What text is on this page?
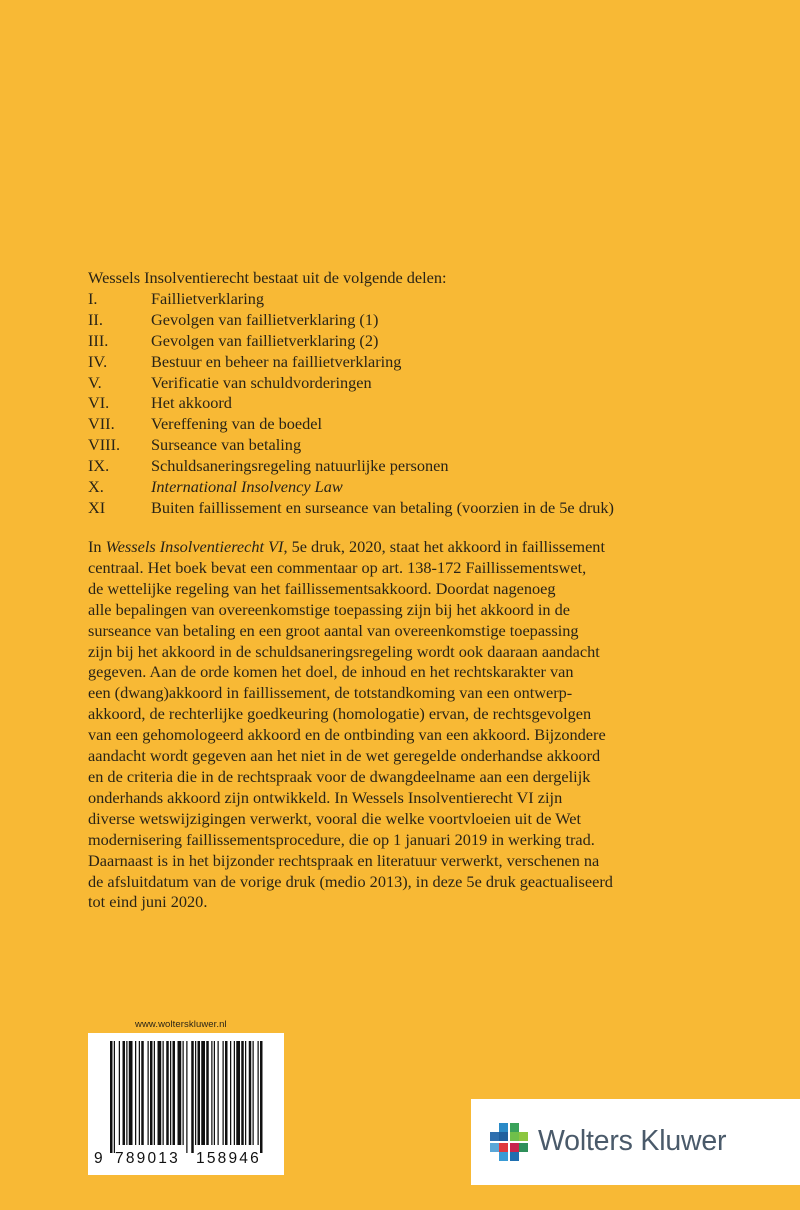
Wessels Insolventierecht bestaat uit de volgende delen:
I.	Faillietverklaring
II.	Gevolgen van faillietverklaring (1)
III.	Gevolgen van faillietverklaring (2)
IV.	Bestuur en beheer na faillietverklaring
V.	Verificatie van schuldvorderingen
VI.	Het akkoord
VII.	Vereffening van de boedel
VIII.	Surseance van betaling
IX.	Schuldsaneringsregeling natuurlijke personen
X.	International Insolvency Law
XI	Buiten faillissement en surseance van betaling (voorzien in de 5e druk)
In Wessels Insolventierecht VI, 5e druk, 2020, staat het akkoord in faillissement
centraal. Het boek bevat een commentaar op art. 138-172 Faillissementswet,
de wettelijke regeling van het faillissementsakkoord. Doordat nagenoeg
alle bepalingen van overeenkomstige toepassing zijn bij het akkoord in de
surseance van betaling en een groot aantal van overeenkomstige toepassing
zijn bij het akkoord in de schuldsaneringsregeling wordt ook daaraan aandacht
gegeven. Aan de orde komen het doel, de inhoud en het rechtskarakter van
een (dwang)akkoord in faillissement, de totstandkoming van een ontwerp-
akkoord, de rechterlijke goedkeuring (homologatie) ervan, de rechtsgevolgen
van een gehomologeerd akkoord en de ontbinding van een akkoord. Bijzondere
aandacht wordt gegeven aan het niet in de wet geregelde onderhandse akkoord
en de criteria die in de rechtspraak voor de dwangdeelname aan een dergelijk
onderhands akkoord zijn ontwikkeld. In Wessels Insolventierecht VI zijn
diverse wetswijzigingen verwerkt, vooral die welke voortvloeien uit de Wet
modernisering faillissementsprocedure, die op 1 januari 2019 in werking trad.
Daarnaast is in het bijzonder rechtspraak en literatuur verwerkt, verschenen na
de afsluitdatum van de vorige druk (medio 2013), in deze 5e druk geactualiseerd
tot eind juni 2020.
www.wolterskluwer.nl
9 789013 158946
Wolters Kluwer
